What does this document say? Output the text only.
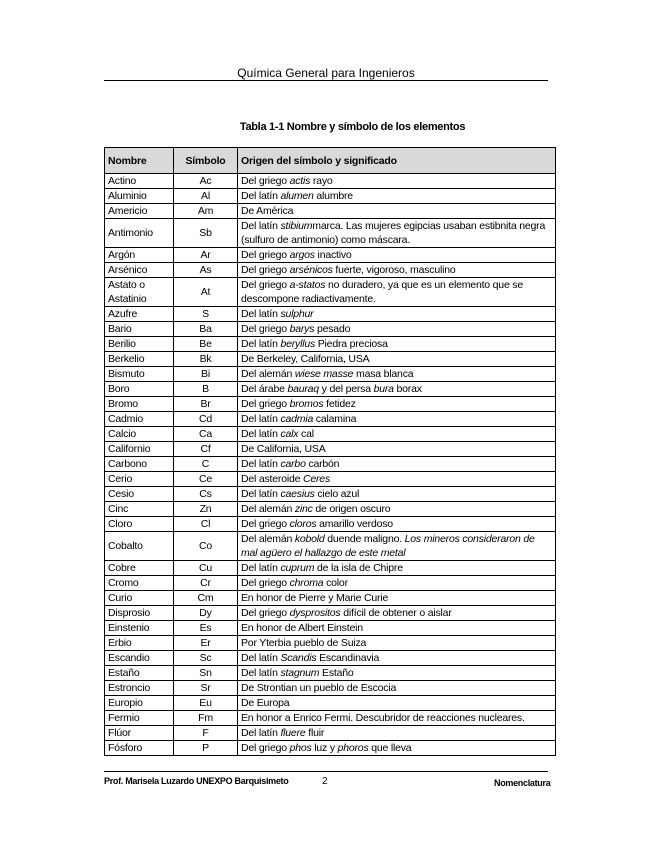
Química General para Ingenieros
Tabla 1-1 Nombre y símbolo de los elementos
Nombre	Símbolo	Origen del símbolo y significado
Actino	Ac	Del griego actis rayo
Aluminio	Al	Del latín alumen alumbre
Americio	Am	De América
Antimonio	Sb	Del latín stibiummarca. Las mujeres egipcias usaban estibnita negra (sulfuro de antimonio) como máscara.
Argón	Ar	Del griego argos inactivo
Arsénico	As	Del griego arsénicos fuerte, vigoroso, masculino
Astato o Astatinio	At	Del griego a-statos no duradero, ya que es un elemento que se descompone radiactivamente.
Azufre	S	Del latín sulphur
Bario	Ba	Del griego barys pesado
Berilio	Be	Del latín beryllus Piedra preciosa
Berkelio	Bk	De Berkeley, California, USA
Bismuto	Bi	Del alemán wiese masse masa blanca
Boro	B	Del árabe bauraq y del persa bura borax
Bromo	Br	Del griego bromos fetidez
Cadmio	Cd	Del latín cadmia calamina
Calcio	Ca	Del latín calx cal
Californio	Cf	De California, USA
Carbono	C	Del latín carbo carbón
Cerio	Ce	Del asteroide Ceres
Cesio	Cs	Del latín caesius cielo azul
Cinc	Zn	Del alemán zinc de origen oscuro
Cloro	Cl	Del griego cloros amarillo verdoso
Cobalto	Co	Del alemán kobold duende maligno. Los mineros consideraron de mal agüero el hallazgo de este metal
Cobre	Cu	Del latín cuprum de la isla de Chipre
Cromo	Cr	Del griego chroma color
Curio	Cm	En honor de Pierre y Marie Curie
Disprosio	Dy	Del griego dysprositos difícil de obtener o aislar
Einstenio	Es	En honor de Albert Einstein
Erbio	Er	Por Yterbia pueblo de Suiza
Escandio	Sc	Del latín Scandis Escandinavia
Estaño	Sn	Del latín stagnum Estaño
Estroncio	Sr	De Strontian un pueblo de Escocia
Europio	Eu	De Europa
Fermio	Fm	En honor a Enrico Fermi. Descubridor de reacciones nucleares.
Flúor	F	Del latín fluere fluir
Fósforo	P	Del griego phos luz y phoros que lleva
Prof. Marisela Luzardo UNEXPO Barquisimeto	2	Nomenclatura
